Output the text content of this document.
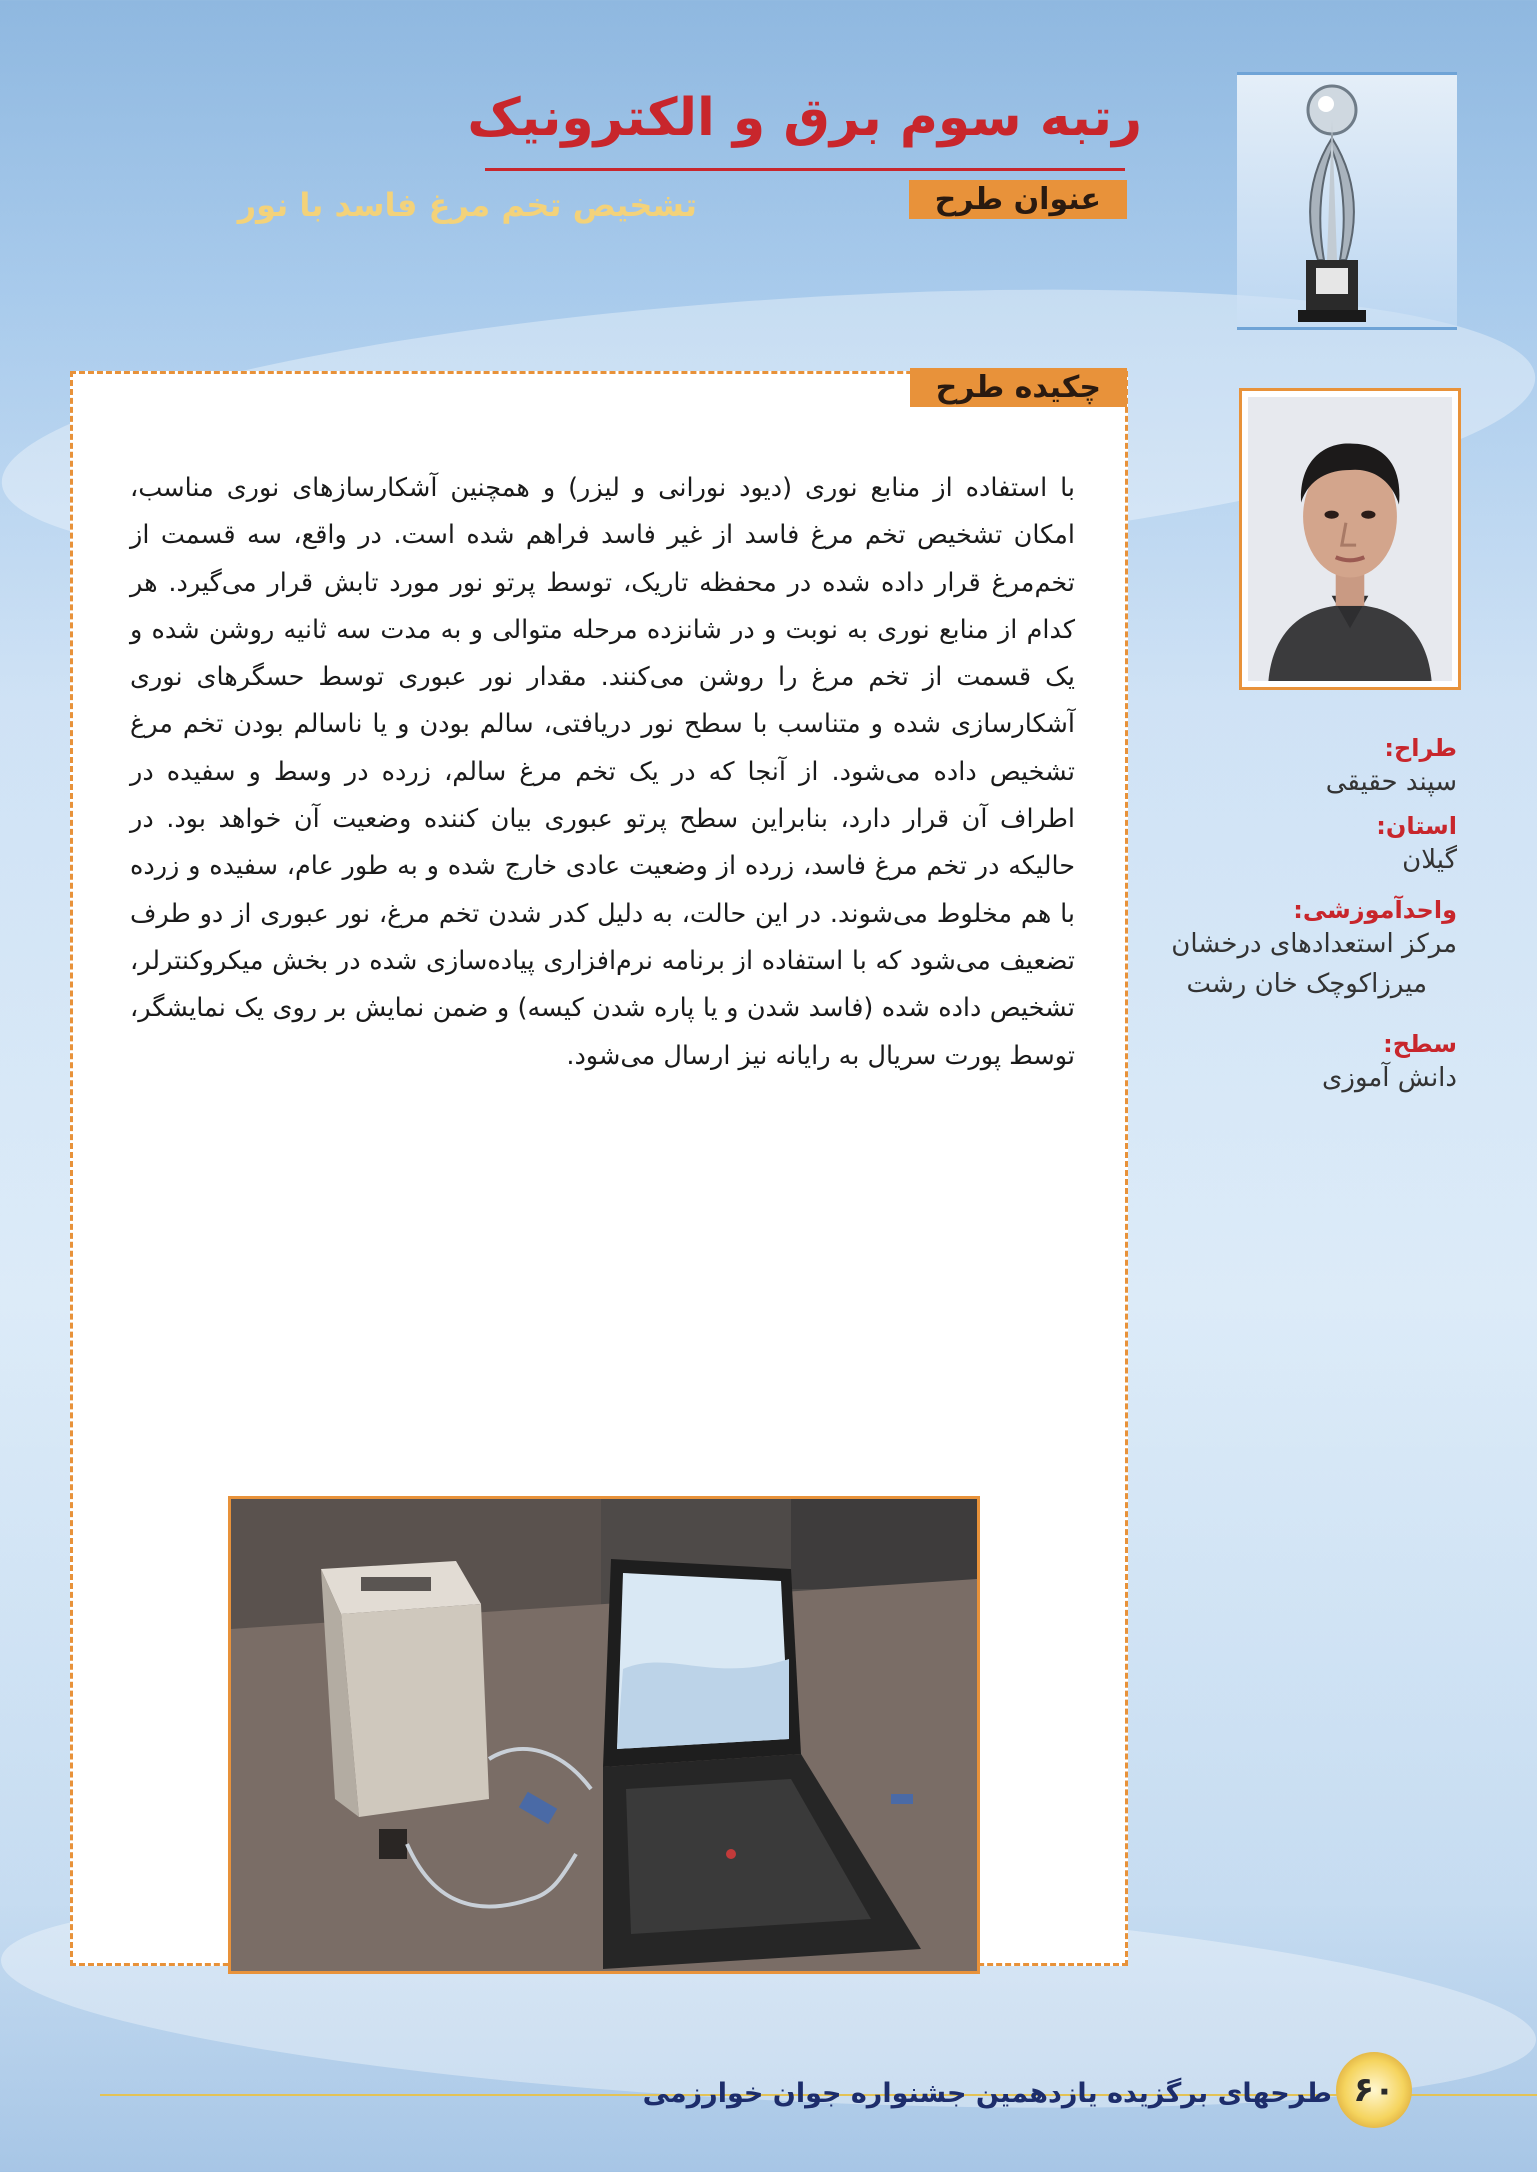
رتبه سوم برق و الکترونیک
عنوان طرح
تشخیص تخم مرغ فاسد با نور
چکیده طرح

با استفاده از منابع نوری (دیود نورانی و لیزر) و همچنین آشکارسازهای نوری مناسب، امکان تشخیص تخم مرغ فاسد از غیر فاسد فراهم شده است. در واقع، سه قسمت از تخم‌مرغ قرار داده شده در محفظه تاریک، توسط پرتو نور مورد تابش قرار می‌گیرد. هر کدام از منابع نوری به نوبت و در شانزده مرحله متوالی و به مدت سه ثانیه روشن شده و یک قسمت از تخم مرغ را روشن می‌کنند. مقدار نور عبوری توسط حسگرهای نوری آشکارسازی شده و متناسب با سطح نور دریافتی، سالم بودن و یا ناسالم بودن تخم مرغ تشخیص داده می‌شود. از آنجا که در یک تخم مرغ سالم، زرده در وسط و سفیده در اطراف آن قرار دارد، بنابراین سطح پرتو عبوری بیان کننده وضعیت آن خواهد بود. در حالیکه در تخم مرغ فاسد، زرده از وضعیت عادی خارج شده و به طور عام، سفیده و زرده با هم مخلوط می‌شوند. در این حالت، به دلیل کدر شدن تخم مرغ، نور عبوری از دو طرف تضعیف می‌شود که با استفاده از برنامه نرم‌افزاری پیاده‌سازی شده در بخش میکروکنترلر، تشخیص داده شده (فاسد شدن و یا پاره شدن کیسه) و ضمن نمایش بر روی یک نمایشگر، توسط پورت سریال به رایانه نیز ارسال می‌شود.

طراح:
سپند حقیقی
استان:
گیلان
واحدآموزشی:
مرکز استعدادهای درخشان
میرزاکوچک خان رشت
سطح:
دانش آموزی
۶۰

طرحهای برگزیده یازدهمین جشنواره جوان خوارزمی
